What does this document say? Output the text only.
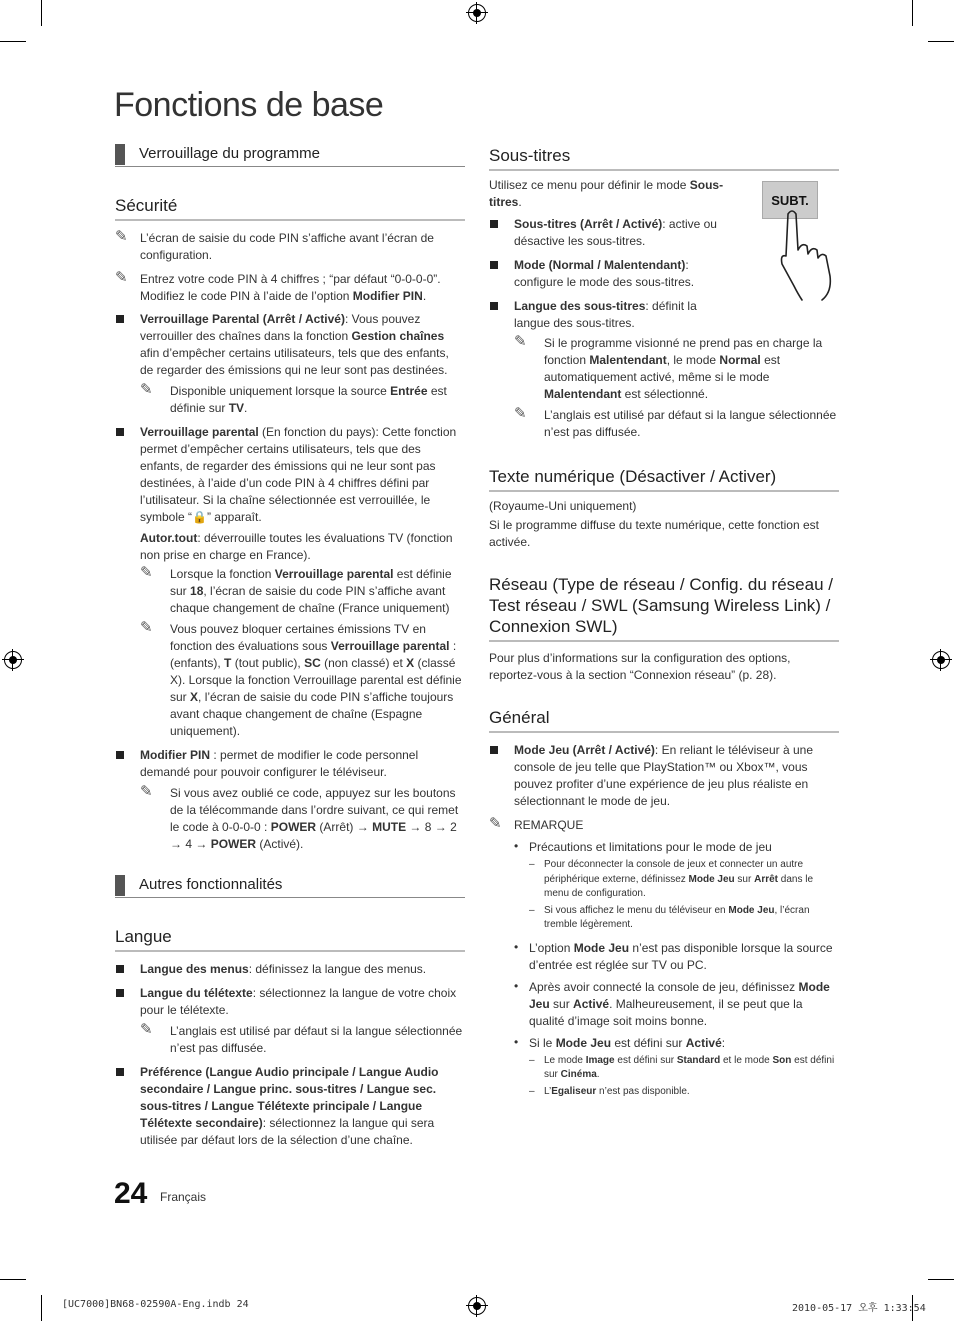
Fonctions de base
Verrouillage du programme
Sécurité

✎ L’écran de saisie du code PIN s’affiche avant l’écran de configuration.

✎ Entrez votre code PIN à 4 chiffres ; “par défaut “0-0-0-0”. Modifiez le code PIN à l’aide de l’option Modifier PIN.

Verrouillage Parental (Arrêt / Activé): Vous pouvez verrouiller des chaînes dans la fonction Gestion chaînes afin d’empêcher certains utilisateurs, tels que des enfants, de regarder des émissions qui ne leur sont pas destinées.

✎ Disponible uniquement lorsque la source Entrée est définie sur TV.

Verrouillage parental (En fonction du pays): Cette fonction permet d’empêcher certains utilisateurs, tels que des enfants, de regarder des émissions qui ne leur sont pas destinées, à l’aide d’un code PIN à 4 chiffres défini par l’utilisateur. Si la chaîne sélectionnée est verrouillée, le symbole “🔒” apparaît.

Autor.tout: déverrouille toutes les évaluations TV (fonction non prise en charge en France).

✎ Lorsque la fonction Verrouillage parental est définie sur 18, l’écran de saisie du code PIN s’affiche avant chaque changement de chaîne (France uniquement)

✎ Vous pouvez bloquer certaines émissions TV en fonction des évaluations sous Verrouillage parental : (enfants), T (tout public), SC (non classé) et X (classé X). Lorsque la fonction Verrouillage parental est définie sur X, l’écran de saisie du code PIN s’affiche toujours avant chaque changement de chaîne (Espagne uniquement).

Modifier PIN : permet de modifier le code personnel demandé pour pouvoir configurer le téléviseur.

✎ Si vous avez oublié ce code, appuyez sur les boutons de la télécommande dans l’ordre suivant, ce qui remet le code à 0-0-0-0 : POWER (Arrêt) → MUTE → 8 → 2 → 4 → POWER (Activé).

Autres fonctionnalités
Langue

Langue des menus: définissez la langue des menus.

Langue du télétexte: sélectionnez la langue de votre choix pour le télétexte.

✎ L’anglais est utilisé par défaut si la langue sélectionnée n’est pas diffusée.

Préférence (Langue Audio principale / Langue Audio secondaire / Langue princ. sous-titres / Langue sec. sous-titres / Langue Télétexte principale / Langue Télétexte secondaire): sélectionnez la langue qui sera utilisée par défaut lors de la sélection d’une chaîne.

Sous-titres

Utilisez ce menu pour définir le mode Sous-titres.

Sous-titres (Arrêt / Activé): active ou désactive les sous-titres.

Mode (Normal / Malentendant): configure le mode des sous-titres.

Langue des sous-titres: définit la langue des sous-titres.

✎ Si le programme visionné ne prend pas en charge la fonction Malentendant, le mode Normal est automatiquement activé, même si le mode Malentendant est sélectionné.

✎ L’anglais est utilisé par défaut si la langue sélectionnée n’est pas diffusée.

Texte numérique (Désactiver / Activer)

(Royaume-Uni uniquement)

Si le programme diffuse du texte numérique, cette fonction est activée.

Réseau (Type de réseau / Config. du réseau / Test réseau / SWL (Samsung Wireless Link) / Connexion SWL)

Pour plus d’informations sur la configuration des options, reportez-vous à la section “Connexion réseau” (p. 28).

Général

Mode Jeu (Arrêt / Activé): En reliant le téléviseur à une console de jeu telle que PlayStation™ ou Xbox™, vous pouvez profiter d’une expérience de jeu plus réaliste en sélectionnant le mode de jeu.

✎ REMARQUE

• Précautions et limitations pour le mode de jeu

– Pour déconnecter la console de jeux et connecter un autre périphérique externe, définissez Mode Jeu sur Arrêt dans le menu de configuration.

– Si vous affichez le menu du téléviseur en Mode Jeu, l’écran tremble légèrement.

• L’option Mode Jeu n’est pas disponible lorsque la source d’entrée est réglée sur TV ou PC.

• Après avoir connecté la console de jeu, définissez Mode Jeu sur Activé. Malheureusement, il se peut que la qualité d’image soit moins bonne.

• Si le Mode Jeu est défini sur Activé:

– Le mode Image est défini sur Standard et le mode Son est défini sur Cinéma.

– L’Egaliseur n’est pas disponible.

SUBT.
24 Français
[UC7000]BN68-02590A-Eng.indb 24	2010-05-17 오후 1:33:54
